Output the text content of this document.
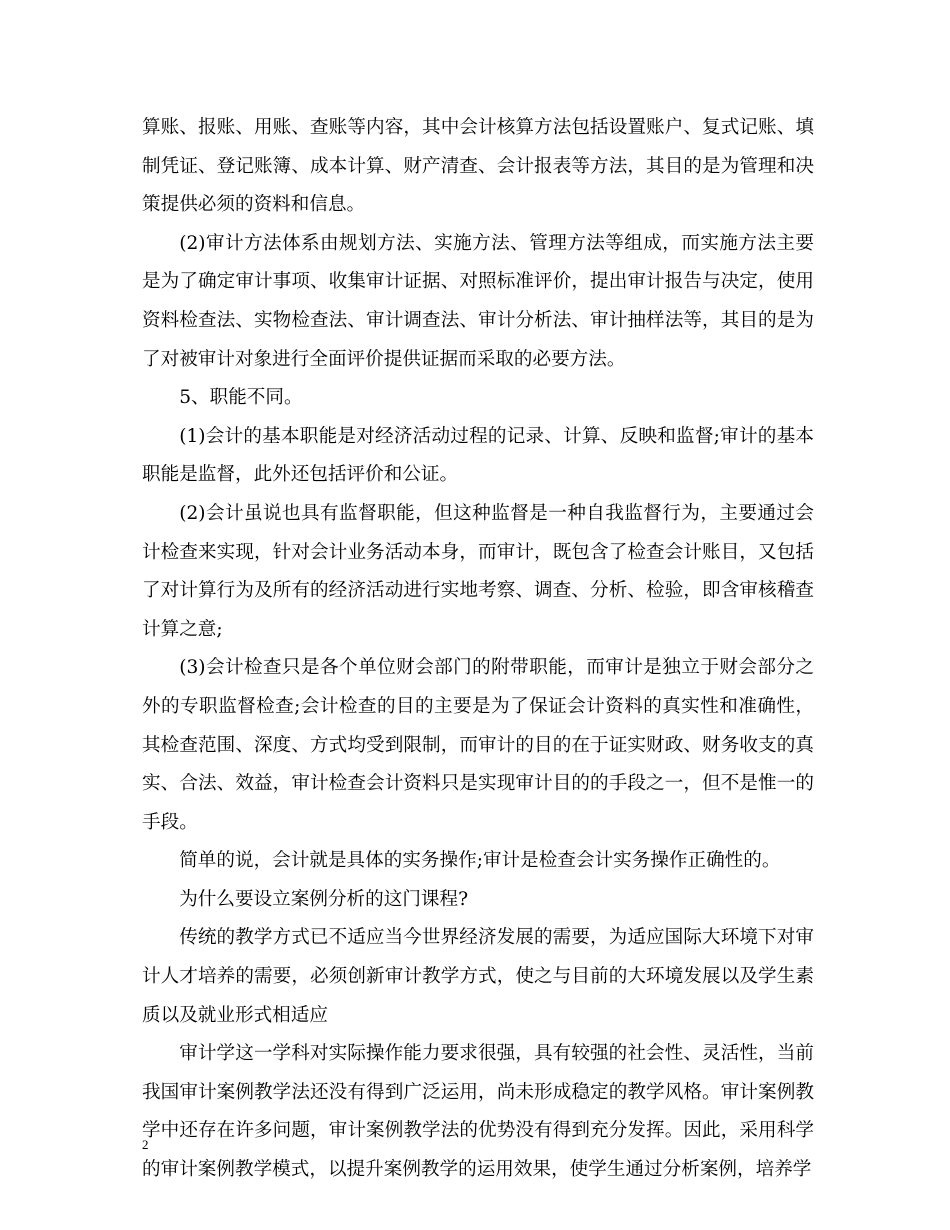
算账、报账、用账、查账等内容，其中会计核算方法包括设置账户、复式记账、填制凭证、登记账簿、成本计算、财产清查、会计报表等方法，其目的是为管理和决策提供必须的资料和信息。

(2)审计方法体系由规划方法、实施方法、管理方法等组成，而实施方法主要是为了确定审计事项、收集审计证据、对照标准评价，提出审计报告与决定，使用资料检查法、实物检查法、审计调查法、审计分析法、审计抽样法等，其目的是为了对被审计对象进行全面评价提供证据而采取的必要方法。

5、职能不同。

(1)会计的基本职能是对经济活动过程的记录、计算、反映和监督;审计的基本职能是监督，此外还包括评价和公证。

(2)会计虽说也具有监督职能，但这种监督是一种自我监督行为，主要通过会计检查来实现，针对会计业务活动本身，而审计，既包含了检查会计账目，又包括了对计算行为及所有的经济活动进行实地考察、调查、分析、检验，即含审核稽查计算之意;

(3)会计检查只是各个单位财会部门的附带职能，而审计是独立于财会部分之外的专职监督检查;会计检查的目的主要是为了保证会计资料的真实性和准确性，其检查范围、深度、方式均受到限制，而审计的目的在于证实财政、财务收支的真实、合法、效益，审计检查会计资料只是实现审计目的的手段之一，但不是惟一的手段。

简单的说，会计就是具体的实务操作;审计是检查会计实务操作正确性的。

为什么要设立案例分析的这门课程?

传统的教学方式已不适应当今世界经济发展的需要，为适应国际大环境下对审计人才培养的需要，必须创新审计教学方式，使之与目前的大环境发展以及学生素质以及就业形式相适应

审计学这一学科对实际操作能力要求很强，具有较强的社会性、灵活性，当前我国审计案例教学法还没有得到广泛运用，尚未形成稳定的教学风格。审计案例教学中还存在许多问题，审计案例教学法的优势没有得到充分发挥。因此，采用科学的审计案例教学模式，以提升案例教学的运用效果，使学生通过分析案例，培养学

2
